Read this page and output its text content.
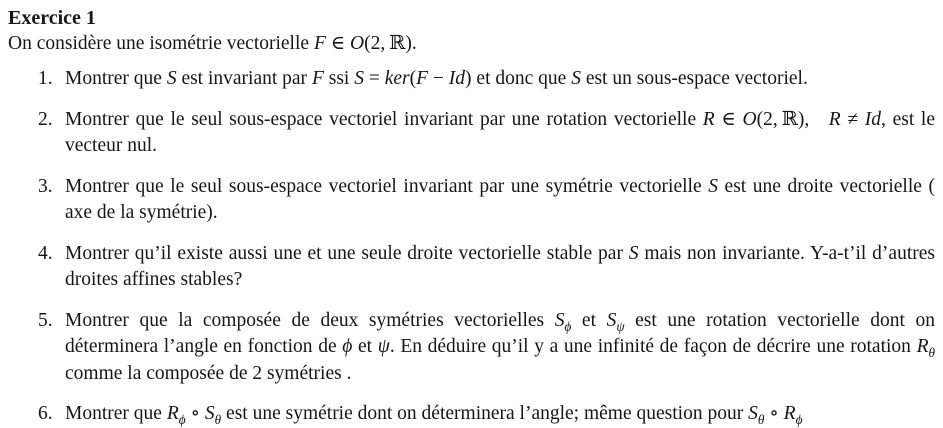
Exercice 1
On considère une isométrie vectorielle F ∈ O(2, ℝ).
1. Montrer que S est invariant par F ssi S = ker(F − Id) et donc que S est un sous-espace vectoriel.
2. Montrer que le seul sous-espace vectoriel invariant par une rotation vectorielle R ∈ O(2, ℝ),  R ≠ Id, est le vecteur nul.
3. Montrer que le seul sous-espace vectoriel invariant par une symétrie vectorielle S est une droite vectorielle ( axe de la symétrie).
4. Montrer qu’il existe aussi une et une seule droite vectorielle stable par S mais non invariante. Y-a-t’il d’autres droites affines stables?
5. Montrer que la composée de deux symétries vectorielles $S_\phi$ et $S_\psi$ est une rotation vectorielle dont on déterminera l’angle en fonction de ϕ et ψ. En déduire qu’il y a une infinité de façon de décrire une rotation $R_\theta$ comme la composée de 2 symétries .
6. Montrer que $R_\phi$ ∘ $S_\theta$ est une symétrie dont on déterminera l’angle; même question pour $S_\theta$ ∘ $R_\phi$
